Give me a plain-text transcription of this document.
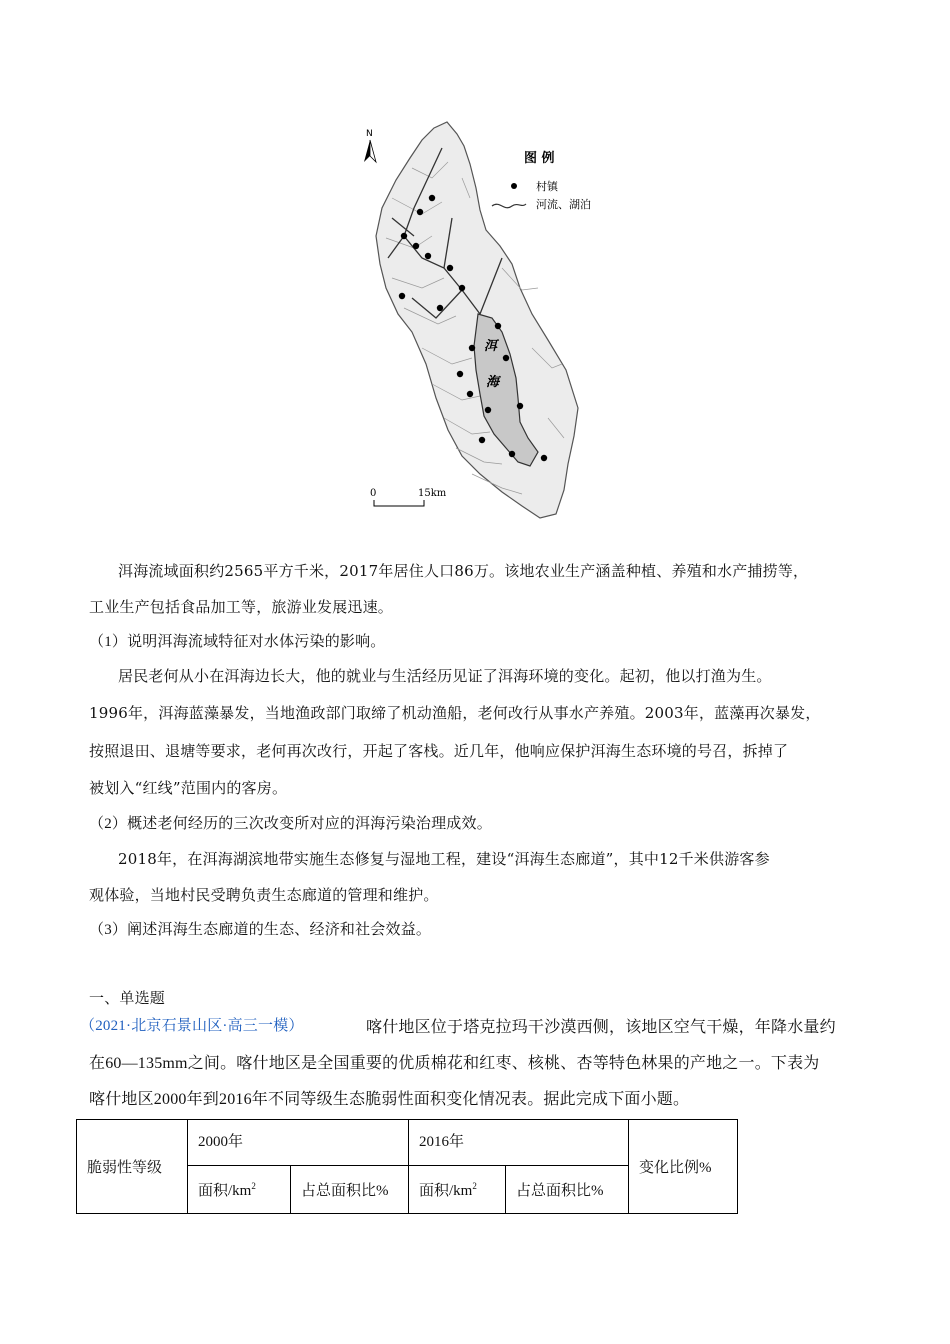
洱
海
N
图 例
村镇
河流、湖泊
0	15km
洱海流域面积约2565平方千米，2017年居住人口86万。该地农业生产涵盖种植、养殖和水产捕捞等，
工业生产包括食品加工等，旅游业发展迅速。
（1）说明洱海流域特征对水体污染的影响。
居民老何从小在洱海边长大，他的就业与生活经历见证了洱海环境的变化。起初，他以打渔为生。
1996年，洱海蓝藻暴发，当地渔政部门取缔了机动渔船，老何改行从事水产养殖。2003年，蓝藻再次暴发，
按照退田、退塘等要求，老何再次改行，开起了客栈。近几年，他响应保护洱海生态环境的号召，拆掉了
被划入“红线”范围内的客房。
（2）概述老何经历的三次改变所对应的洱海污染治理成效。
2018年，在洱海湖滨地带实施生态修复与湿地工程，建设“洱海生态廊道”，其中12千米供游客参
观体验，当地村民受聘负责生态廊道的管理和维护。
（3）阐述洱海生态廊道的生态、经济和社会效益。
一、单选题
（2021·北京石景山区·高三一模）	喀什地区位于塔克拉玛干沙漠西侧，该地区空气干燥，年降水量约
在60—135mm之间。喀什地区是全国重要的优质棉花和红枣、核桃、杏等特色林果的产地之一。下表为
喀什地区2000年到2016年不同等级生态脆弱性面积变化情况表。据此完成下面小题。
脆弱性等级	2000年		2016年		变化比例%
	面积$/km^2$	占总面积比%	面积$/km^2$	占总面积比%	
